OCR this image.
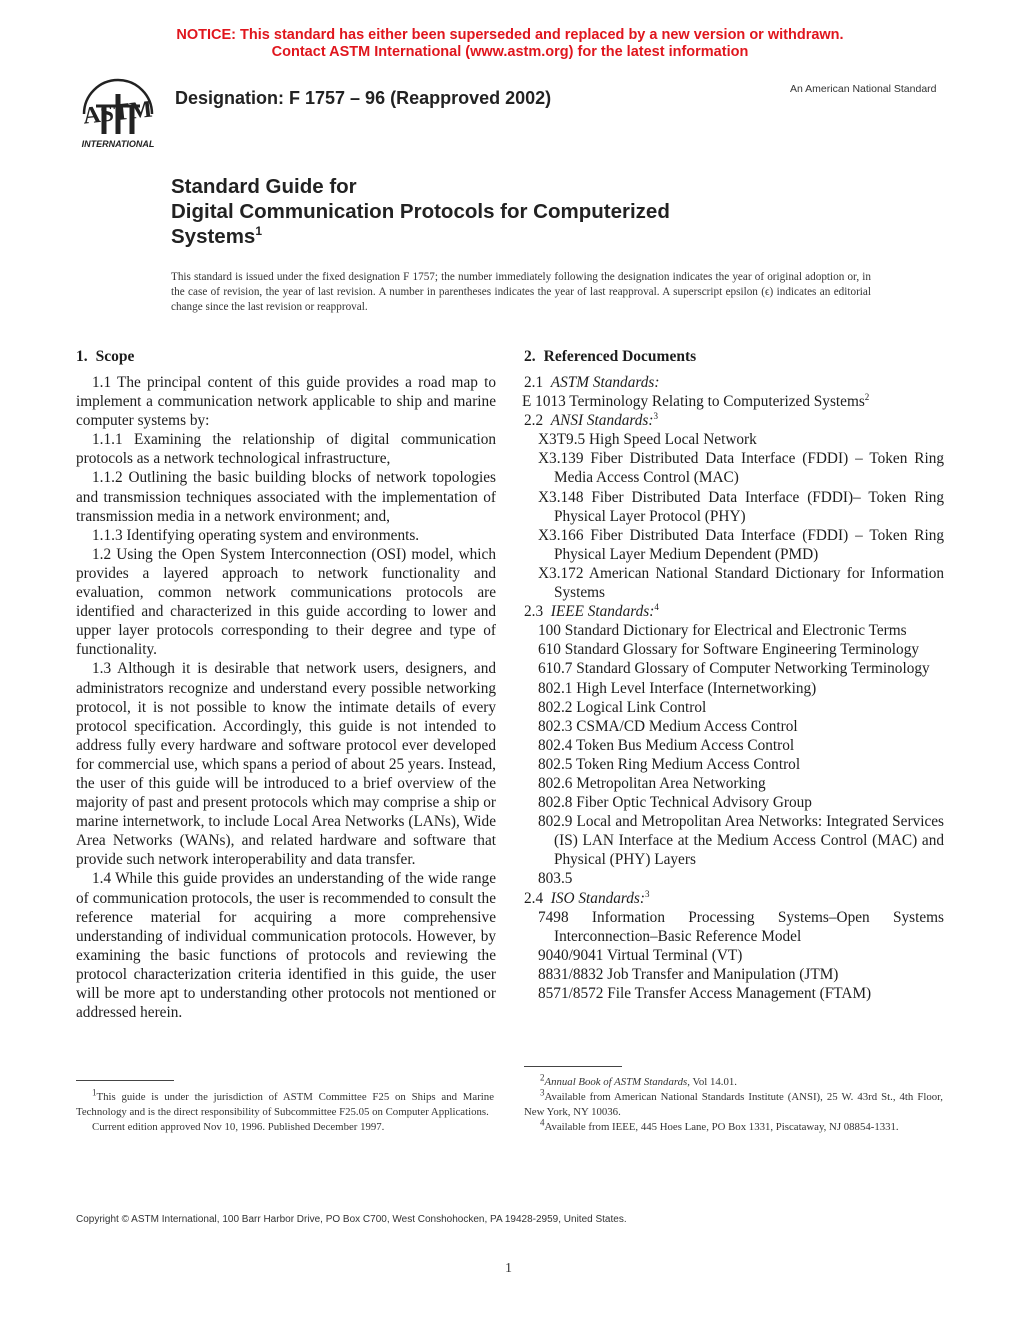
NOTICE: This standard has either been superseded and replaced by a new version or withdrawn.
Contact ASTM International (www.astm.org) for the latest information
ASTM
INTERNATIONAL
Designation: F 1757 – 96 (Reapproved 2002)	An American National Standard
Standard Guide for
Digital Communication Protocols for Computerized
Systems$^1$
This standard is issued under the fixed designation F 1757; the number immediately following the designation indicates the year of original adoption or, in the case of revision, the year of last revision. A number in parentheses indicates the year of last reapproval. A superscript epsilon (ϵ) indicates an editorial change since the last revision or reapproval.
1. Scope

1.1 The principal content of this guide provides a road map to implement a communication network applicable to ship and marine computer systems by:

1.1.1 Examining the relationship of digital communication protocols as a network technological infrastructure,

1.1.2 Outlining the basic building blocks of network topologies and transmission techniques associated with the implementation of transmission media in a network environment; and,

1.1.3 Identifying operating system and environments.

1.2 Using the Open System Interconnection (OSI) model, which provides a layered approach to network functionality and evaluation, common network communications protocols are identified and characterized in this guide according to lower and upper layer protocols corresponding to their degree and type of functionality.

1.3 Although it is desirable that network users, designers, and administrators recognize and understand every possible networking protocol, it is not possible to know the intimate details of every protocol specification. Accordingly, this guide is not intended to address fully every hardware and software protocol ever developed for commercial use, which spans a period of about 25 years. Instead, the user of this guide will be introduced to a brief overview of the majority of past and present protocols which may comprise a ship or marine internetwork, to include Local Area Networks (LANs), Wide Area Networks (WANs), and related hardware and software that provide such network interoperability and data transfer.

1.4 While this guide provides an understanding of the wide range of communication protocols, the user is recommended to consult the reference material for acquiring a more comprehensive understanding of individual communication protocols. However, by examining the basic functions of protocols and reviewing the protocol characterization criteria identified in this guide, the user will be more apt to understanding other protocols not mentioned or addressed herein.

2. Referenced Documents
2.1 ASTM Standards:
E 1013 Terminology Relating to Computerized Systems$^2$
2.2 ANSI Standards:$^3$
X3T9.5 High Speed Local Network
X3.139 Fiber Distributed Data Interface (FDDI) – Token Ring Media Access Control (MAC)
X3.148 Fiber Distributed Data Interface (FDDI)– Token Ring Physical Layer Protocol (PHY)
X3.166 Fiber Distributed Data Interface (FDDI) – Token Ring Physical Layer Medium Dependent (PMD)
X3.172 American National Standard Dictionary for Information Systems
2.3 IEEE Standards:$^4$
100 Standard Dictionary for Electrical and Electronic Terms
610 Standard Glossary for Software Engineering Terminology
610.7 Standard Glossary of Computer Networking Terminology
802.1 High Level Interface (Internetworking)
802.2 Logical Link Control
802.3 CSMA/CD Medium Access Control
802.4 Token Bus Medium Access Control
802.5 Token Ring Medium Access Control
802.6 Metropolitan Area Networking
802.8 Fiber Optic Technical Advisory Group
802.9 Local and Metropolitan Area Networks: Integrated Services (IS) LAN Interface at the Medium Access Control (MAC) and Physical (PHY) Layers
803.5
2.4 ISO Standards:$^3$
7498 Information Processing Systems–Open Systems Interconnection–Basic Reference Model
9040/9041 Virtual Terminal (VT)
8831/8832 Job Transfer and Manipulation (JTM)
8571/8572 File Transfer Access Management (FTAM)

$^1$This guide is under the jurisdiction of ASTM Committee F25 on Ships and Marine Technology and is the direct responsibility of Subcommittee F25.05 on Computer Applications.

Current edition approved Nov 10, 1996. Published December 1997.

$^2$Annual Book of ASTM Standards, Vol 14.01.

$^3$Available from American National Standards Institute (ANSI), 25 W. 43rd St., 4th Floor, New York, NY 10036.

$^4$Available from IEEE, 445 Hoes Lane, PO Box 1331, Piscataway, NJ 08854-1331.

Copyright © ASTM International, 100 Barr Harbor Drive, PO Box C700, West Conshohocken, PA 19428-2959, United States.
1
